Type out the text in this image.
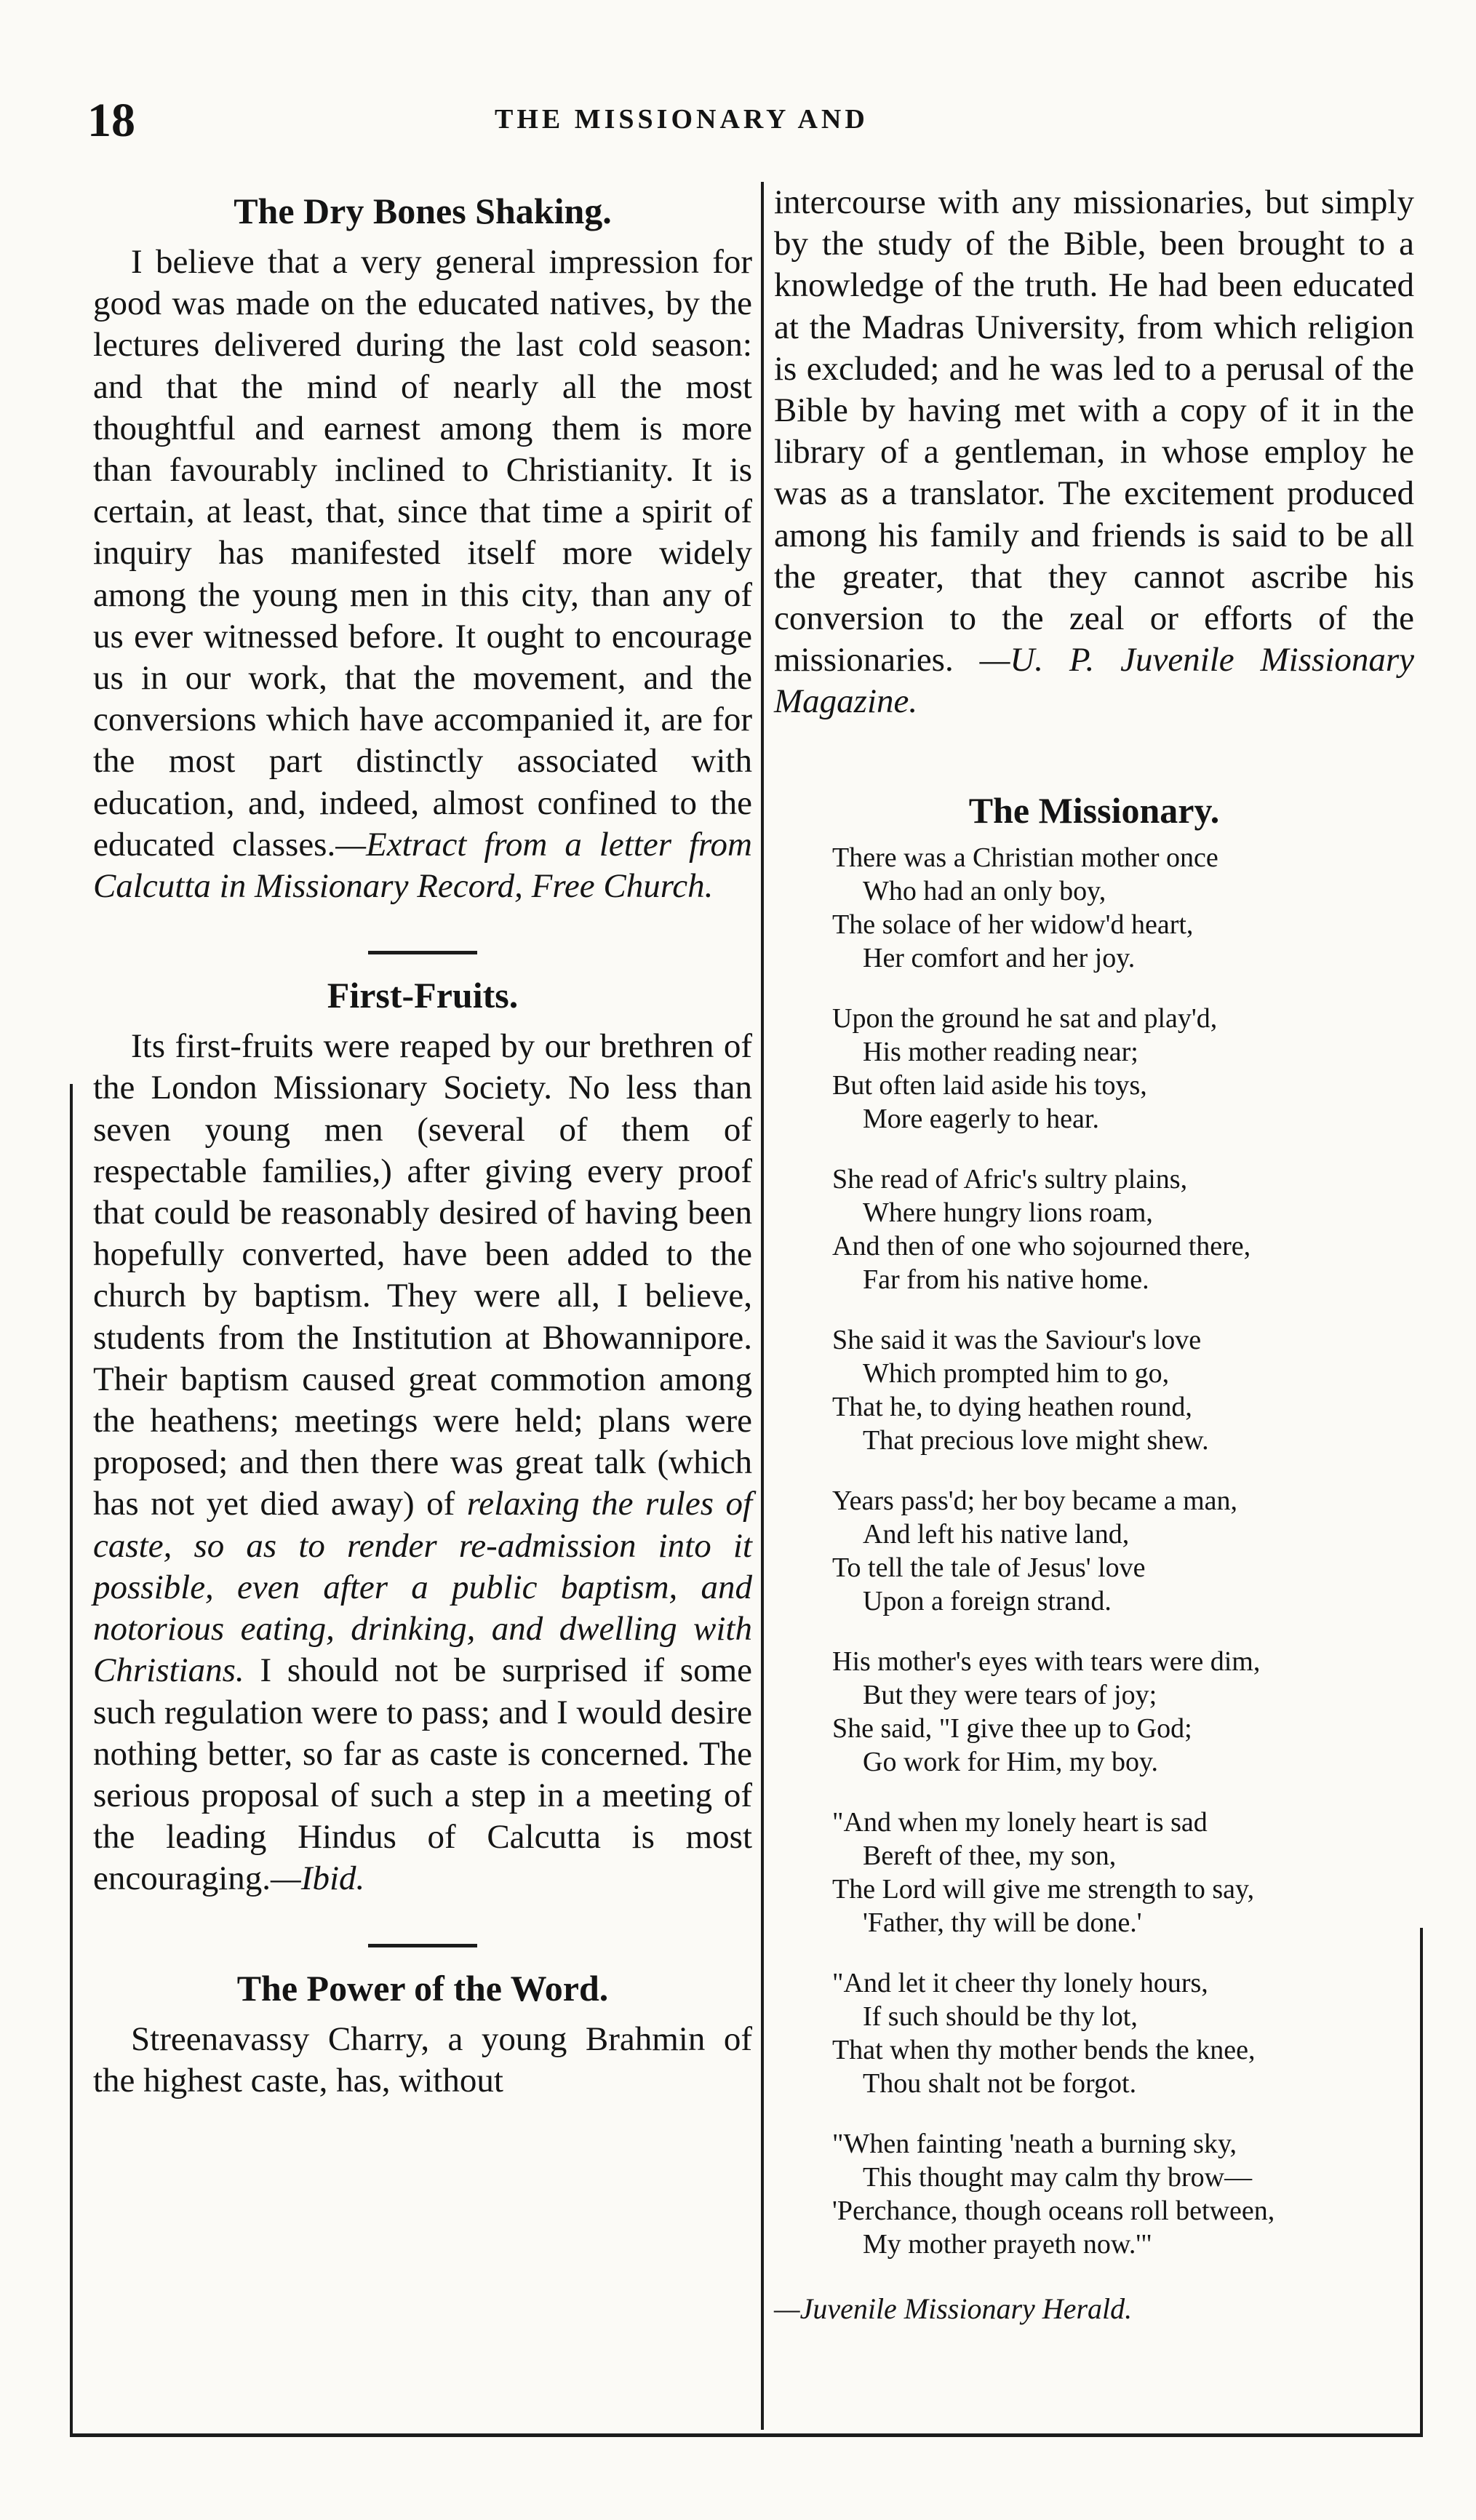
18	THE MISSIONARY AND
The Dry Bones Shaking.

I believe that a very general impression for good was made on the educated natives, by the lectures delivered during the last cold season: and that the mind of nearly all the most thoughtful and earnest among them is more than favourably inclined to Christianity. It is certain, at least, that, since that time a spirit of inquiry has manifested itself more widely among the young men in this city, than any of us ever witnessed before. It ought to encourage us in our work, that the movement, and the conversions which have accompanied it, are for the most part distinctly associated with education, and, indeed, almost confined to the educated classes.—Extract from a letter from Calcutta in Missionary Record, Free Church.

First-Fruits.

Its first-fruits were reaped by our brethren of the London Missionary Society. No less than seven young men (several of them of respectable families,) after giving every proof that could be reasonably desired of having been hopefully converted, have been added to the church by baptism. They were all, I believe, students from the Institution at Bhowannipore. Their baptism caused great commotion among the heathens; meetings were held; plans were proposed; and then there was great talk (which has not yet died away) of relaxing the rules of caste, so as to render re-admission into it possible, even after a public baptism, and notorious eating, drinking, and dwelling with Christians. I should not be surprised if some such regulation were to pass; and I would desire nothing better, so far as caste is concerned. The serious proposal of such a step in a meeting of the leading Hindus of Calcutta is most encouraging.—Ibid.

The Power of the Word.

Streenavassy Charry, a young Brahmin of the highest caste, has, without

intercourse with any missionaries, but simply by the study of the Bible, been brought to a knowledge of the truth. He had been educated at the Madras University, from which religion is excluded; and he was led to a perusal of the Bible by having met with a copy of it in the library of a gentleman, in whose employ he was as a translator. The excitement produced among his family and friends is said to be all the greater, that they cannot ascribe his conversion to the zeal or efforts of the missionaries. —U. P. Juvenile Missionary Magazine.

The Missionary.
There was a Christian mother once
Who had an only boy,
The solace of her widow'd heart,
Her comfort and her joy.
Upon the ground he sat and play'd,
His mother reading near;
But often laid aside his toys,
More eagerly to hear.
She read of Afric's sultry plains,
Where hungry lions roam,
And then of one who sojourned there,
Far from his native home.
She said it was the Saviour's love
Which prompted him to go,
That he, to dying heathen round,
That precious love might shew.
Years pass'd; her boy became a man,
And left his native land,
To tell the tale of Jesus' love
Upon a foreign strand.
His mother's eyes with tears were dim,
But they were tears of joy;
She said, "I give thee up to God;
Go work for Him, my boy.
"And when my lonely heart is sad
Bereft of thee, my son,
The Lord will give me strength to say,
'Father, thy will be done.'
"And let it cheer thy lonely hours,
If such should be thy lot,
That when thy mother bends the knee,
Thou shalt not be forgot.
"When fainting 'neath a burning sky,
This thought may calm thy brow—
'Perchance, though oceans roll between,
My mother prayeth now.'"
—Juvenile Missionary Herald.
